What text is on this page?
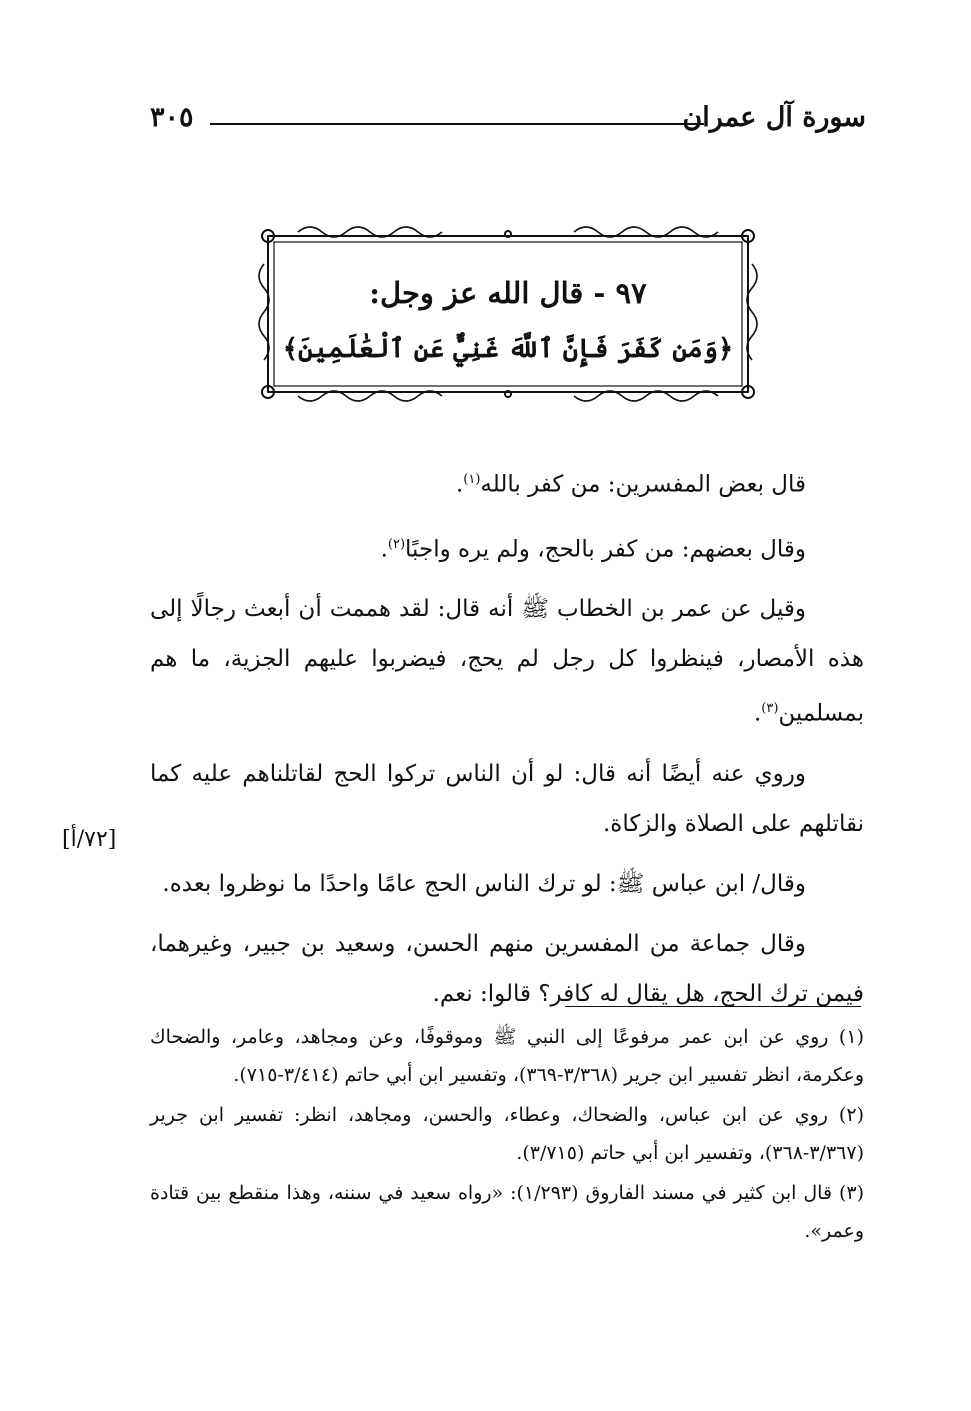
سورة آل عمران
٣٠٥
٩٧ - قال الله عز وجل:
﴿وَمَن كَفَرَ فَإِنَّ ٱللَّهَ غَنِيٌّ عَنِ ٱلْعَٰلَمِينَ﴾

قال بعض المفسرين: من كفر بالله$^{(١)}$.

وقال بعضهم: من كفر بالحج، ولم يره واجبًا$^{(٢)}$.

وقيل عن عمر بن الخطاب ﷺ أنه قال: لقد هممت أن أبعث رجالًا إلى هذه الأمصار، فينظروا كل رجل لم يحج، فيضربوا عليهم الجزية، ما هم بمسلمين$^{(٣)}$.

وروي عنه أيضًا أنه قال: لو أن الناس تركوا الحج لقاتلناهم عليه كما نقاتلهم على الصلاة والزكاة.

وقال/ ابن عباس ﷺ: لو ترك الناس الحج عامًا واحدًا ما نوظروا بعده.

وقال جماعة من المفسرين منهم الحسن، وسعيد بن جبير، وغيرهما، فيمن ترك الحج، هل يقال له كافر؟ قالوا: نعم.

[٧٢/أ]

(١) روي عن ابن عمر مرفوعًا إلى النبي ﷺ وموقوفًا، وعن ومجاهد، وعامر، والضحاك وعكرمة، انظر تفسير ابن جرير (٣/٣٦٨-٣٦٩)، وتفسير ابن أبي حاتم (٣/٤١٤-٧١٥).

(٢) روي عن ابن عباس، والضحاك، وعطاء، والحسن، ومجاهد، انظر: تفسير ابن جرير (٣/٣٦٧-٣٦٨)، وتفسير ابن أبي حاتم (٣/٧١٥).

(٣) قال ابن كثير في مسند الفاروق (١/٢٩٣): «رواه سعيد في سننه، وهذا منقطع بين قتادة وعمر».
